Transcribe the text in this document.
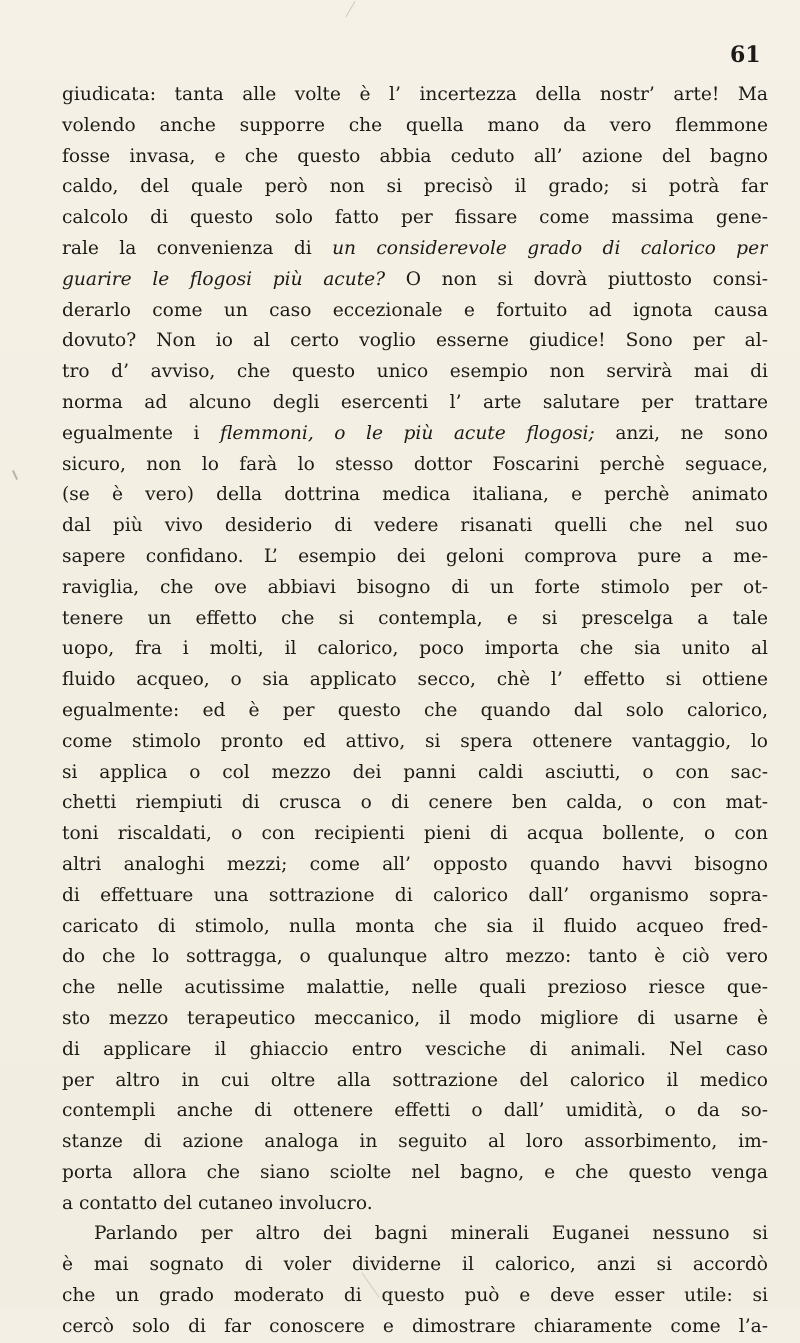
61
giudicata: tanta alle volte è l’ incertezza della nostr’ arte! Ma
volendo anche supporre che quella mano da vero flemmone
fosse invasa, e che questo abbia ceduto all’ azione del bagno
caldo, del quale però non si precisò il grado; si potrà far
calcolo di questo solo fatto per fissare come massima gene-
rale la convenienza di un considerevole grado di calorico per
guarire le flogosi più acute? O non si dovrà piuttosto consi-
derarlo come un caso eccezionale e fortuito ad ignota causa
dovuto? Non io al certo voglio esserne giudice! Sono per al-
tro d’ avviso, che questo unico esempio non servirà mai di
norma ad alcuno degli esercenti l’ arte salutare per trattare
egualmente i flemmoni, o le più acute flogosi; anzi, ne sono
sicuro, non lo farà lo stesso dottor Foscarini perchè seguace,
(se è vero) della dottrina medica italiana, e perchè animato
dal più vivo desiderio di vedere risanati quelli che nel suo
sapere confidano. L’ esempio dei geloni comprova pure a me-
raviglia, che ove abbiavi bisogno di un forte stimolo per ot-
tenere un effetto che si contempla, e si prescelga a tale
uopo, fra i molti, il calorico, poco importa che sia unito al
fluido acqueo, o sia applicato secco, chè l’ effetto si ottiene
egualmente: ed è per questo che quando dal solo calorico,
come stimolo pronto ed attivo, si spera ottenere vantaggio, lo
si applica o col mezzo dei panni caldi asciutti, o con sac-
chetti riempiuti di crusca o di cenere ben calda, o con mat-
toni riscaldati, o con recipienti pieni di acqua bollente, o con
altri analoghi mezzi; come all’ opposto quando havvi bisogno
di effettuare una sottrazione di calorico dall’ organismo sopra-
caricato di stimolo, nulla monta che sia il fluido acqueo fred-
do che lo sottragga, o qualunque altro mezzo: tanto è ciò vero
che nelle acutissime malattie, nelle quali prezioso riesce que-
sto mezzo terapeutico meccanico, il modo migliore di usarne è
di applicare il ghiaccio entro vesciche di animali. Nel caso
per altro in cui oltre alla sottrazione del calorico il medico
contempli anche di ottenere effetti o dall’ umidità, o da so-
stanze di azione analoga in seguito al loro assorbimento, im-
porta allora che siano sciolte nel bagno, e che questo venga
a contatto del cutaneo involucro.
Parlando per altro dei bagni minerali Euganei nessuno si
è mai sognato di voler dividerne il calorico, anzi si accordò
che un grado moderato di questo può e deve esser utile: si
cercò solo di far conoscere e dimostrare chiaramente come l’a-
